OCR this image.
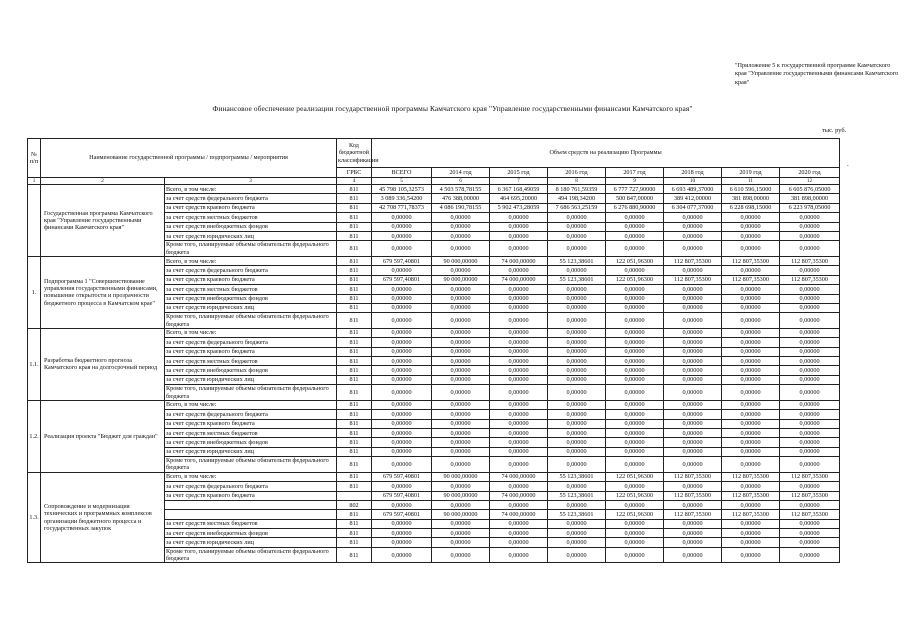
"Приложение 5 к государственной программе Камчатского края "Управление государственными финансами Камчатского края"
Финансовое обеспечение реализации государственной программы Камчатского края "Управление государственными финансами Камчатского края"
тыс. руб.
.
№ п/п	Наименование государственной программы / подпрограммы / мероприятия		Код бюджетной классификации	Объем средств на реализацию Программы							
			ГРБС	ВСЕГО	2014 год	2015 год	2016 год	2017 год	2018 год	2019 год	2020 год
1	2	3	4	5	6	7	8	9	10	11	12
	Государственная программа Камчатского края "Управление государственными финансами Камчатского края"	Всего, в том числе:	811	45 798 105,32573	4 503 578,78155	6 367 168,49059	8 180 761,59359	6 777 727,90000	6 693 489,37000	6 610 596,15000	6 605 876,05000
		за счет средств федерального бюджета	811	3 089 336,54200	476 388,00000	464 695,20000	494 198,34200	500 847,00000	389 412,00000	381 898,00000	381 898,00000
		за счет средств краевого бюджета	811	42 708 771,78373	4 086 190,78155	5 902 473,28059	7 686 563,25159	6 276 880,90000	6 304 077,37000	6 228 698,15000	6 223 978,05000
		за счет средств местных бюджетов	811	0,00000	0,00000	0,00000	0,00000	0,00000	0,00000	0,00000	0,00000
		за счет средств внебюджетных фондов	811	0,00000	0,00000	0,00000	0,00000	0,00000	0,00000	0,00000	0,00000
		за счет средств юридических лиц	811	0,00000	0,00000	0,00000	0,00000	0,00000	0,00000	0,00000	0,00000
		Кроме того, планируемые объемы обязательств федерального бюджета	811	0,00000	0,00000	0,00000	0,00000	0,00000	0,00000	0,00000	0,00000
1.	Подпрограмма 1 "Совершенствование управления государственными финансами, повышение открытости и прозрачности бюджетного процесса в Камчатском крае"	Всего, в том числе:	811	679 597,40801	90 000,00000	74 000,00000	55 123,38601	122 051,96300	112 807,35300	112 807,35300	112 807,35300
		за счет средств федерального бюджета	811	0,00000	0,00000	0,00000	0,00000	0,00000	0,00000	0,00000	0,00000
		за счет средств краевого бюджета	811	679 597,40801	90 000,00000	74 000,00000	55 123,38601	122 051,96300	112 807,35300	112 807,35300	112 807,35300
		за счет средств местных бюджетов	811	0,00000	0,00000	0,00000	0,00000	0,00000	0,00000	0,00000	0,00000
		за счет средств внебюджетных фондов	811	0,00000	0,00000	0,00000	0,00000	0,00000	0,00000	0,00000	0,00000
		за счет средств юридических лиц	811	0,00000	0,00000	0,00000	0,00000	0,00000	0,00000	0,00000	0,00000
		Кроме того, планируемые объемы обязательств федерального бюджета	811	0,00000	0,00000	0,00000	0,00000	0,00000	0,00000	0,00000	0,00000
1.1.	Разработка бюджетного прогноза Камчатского края на долгосрочный период	Всего, в том числе:	811	0,00000	0,00000	0,00000	0,00000	0,00000	0,00000	0,00000	0,00000
		за счет средств федерального бюджета	811	0,00000	0,00000	0,00000	0,00000	0,00000	0,00000	0,00000	0,00000
		за счет средств краевого бюджета	811	0,00000	0,00000	0,00000	0,00000	0,00000	0,00000	0,00000	0,00000
		за счет средств местных бюджетов	811	0,00000	0,00000	0,00000	0,00000	0,00000	0,00000	0,00000	0,00000
		за счет средств внебюджетных фондов	811	0,00000	0,00000	0,00000	0,00000	0,00000	0,00000	0,00000	0,00000
		за счет средств юридических лиц	811	0,00000	0,00000	0,00000	0,00000	0,00000	0,00000	0,00000	0,00000
		Кроме того, планируемые объемы обязательств федерального бюджета	811	0,00000	0,00000	0,00000	0,00000	0,00000	0,00000	0,00000	0,00000
1.2.	Реализация проекта "Бюджет для граждан"	Всего, в том числе:	811	0,00000	0,00000	0,00000	0,00000	0,00000	0,00000	0,00000	0,00000
		за счет средств федерального бюджета	811	0,00000	0,00000	0,00000	0,00000	0,00000	0,00000	0,00000	0,00000
		за счет средств краевого бюджета	811	0,00000	0,00000	0,00000	0,00000	0,00000	0,00000	0,00000	0,00000
		за счет средств местных бюджетов	811	0,00000	0,00000	0,00000	0,00000	0,00000	0,00000	0,00000	0,00000
		за счет средств внебюджетных фондов	811	0,00000	0,00000	0,00000	0,00000	0,00000	0,00000	0,00000	0,00000
		за счет средств юридических лиц	811	0,00000	0,00000	0,00000	0,00000	0,00000	0,00000	0,00000	0,00000
		Кроме того, планируемые объемы обязательств федерального бюджета	811	0,00000	0,00000	0,00000	0,00000	0,00000	0,00000	0,00000	0,00000
1.3.	Сопровождение и модернизация технических и программных комплексов организации бюджетного процесса и государственных закупок	Всего, в том числе:	811	679 597,40801	90 000,00000	74 000,00000	55 123,38601	122 051,96300	112 807,35300	112 807,35300	112 807,35300
		за счет средств федерального бюджета	811	0,00000	0,00000	0,00000	0,00000	0,00000	0,00000	0,00000	0,00000
		за счет средств краевого бюджета		679 597,40801	90 000,00000	74 000,00000	55 123,38601	122 051,96300	112 807,35300	112 807,35300	112 807,35300
			802	0,00000	0,00000	0,00000	0,00000	0,00000	0,00000	0,00000	0,00000
			811	679 597,40801	90 000,00000	74 000,00000	55 123,38601	122 051,96300	112 807,35300	112 807,35300	112 807,35300
		за счет средств местных бюджетов	811	0,00000	0,00000	0,00000	0,00000	0,00000	0,00000	0,00000	0,00000
		за счет средств внебюджетных фондов	811	0,00000	0,00000	0,00000	0,00000	0,00000	0,00000	0,00000	0,00000
		за счет средств юридических лиц	811	0,00000	0,00000	0,00000	0,00000	0,00000	0,00000	0,00000	0,00000
		Кроме того, планируемые объемы обязательств федерального бюджета	811	0,00000	0,00000	0,00000	0,00000	0,00000	0,00000	0,00000	0,00000
